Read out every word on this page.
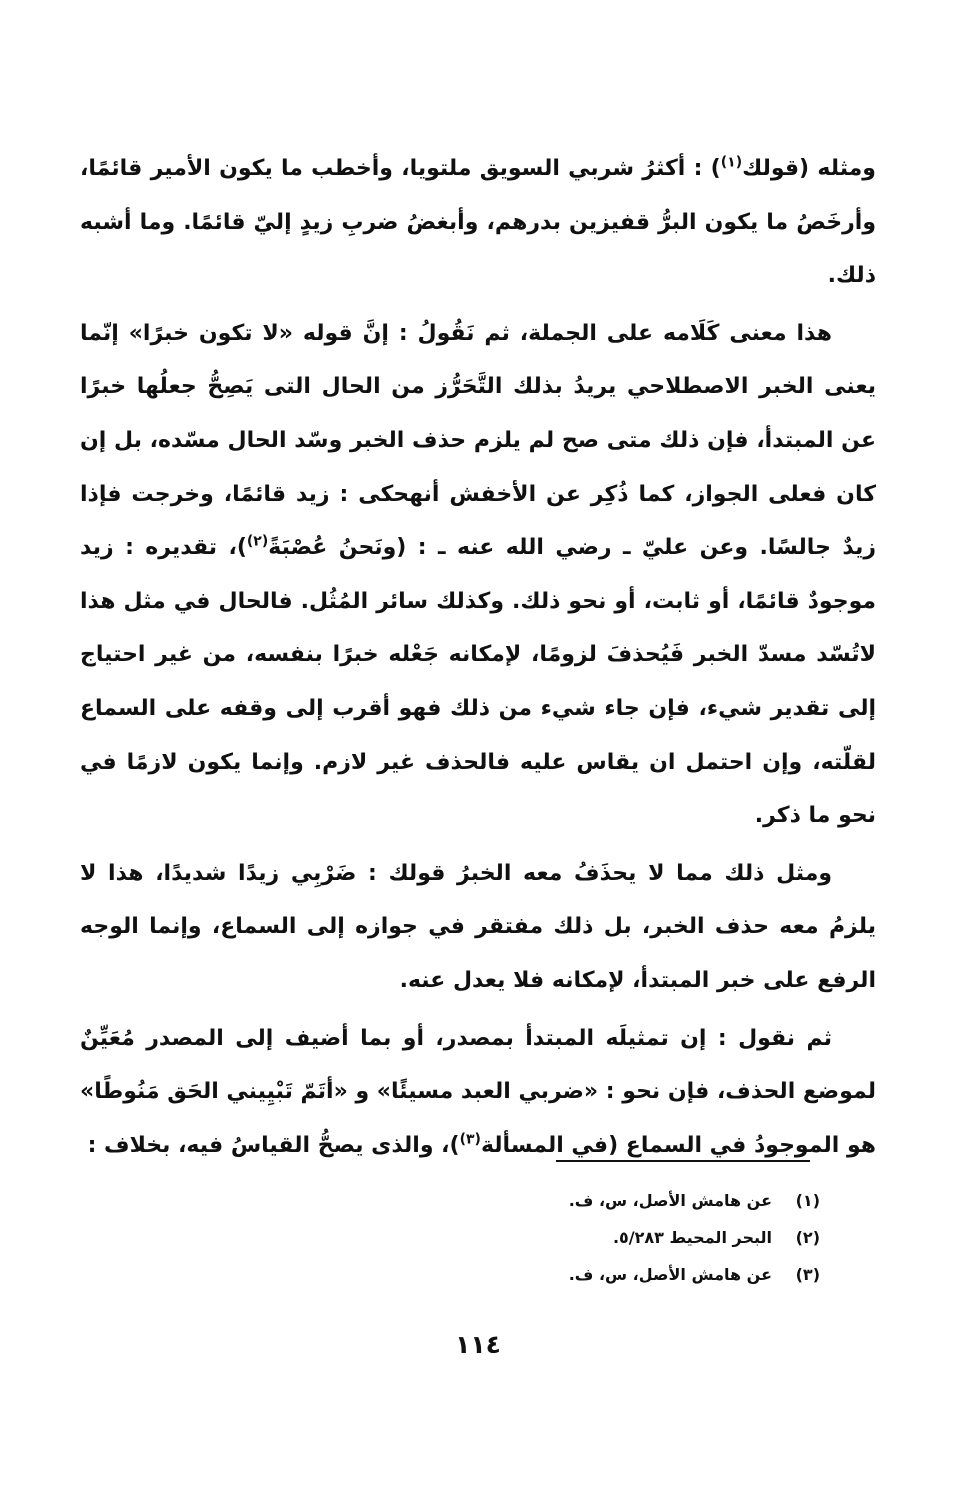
ومثله (قولك$^{(١)}$) : أكثرُ شربي السويق ملتويا، وأخطب ما يكون الأمير قائمًا، وأرخَصُ ما يكون البرُّ قفيزين بدرهم، وأبغضُ ضربِ زيدٍ إليّ قائمًا. وما أشبه ذلك.

هذا معنى كَلَامه على الجملة، ثم نَقُولُ : إنَّ قوله «لا تكون خبرًا» إنّما يعنى الخبر الاصطلاحي يريدُ بذلك التَّحَرُّز من الحال التى يَصِحُّ جعلُها خبرًا عن المبتدأ، فإن ذلك متى صح لم يلزم حذف الخبر وسّد الحال مسّده، بل إن كان فعلى الجواز، كما ذُكِر عن الأخفش أنهحكى : زيد قائمًا، وخرجت فإذا زيدٌ جالسًا. وعن عليّ ـ رضي الله عنه ـ : (ونَحنُ عُصْبَةً$^{(٢)}$)، تقديره : زيد موجودٌ قائمًا، أو ثابت، أو نحو ذلك. وكذلك سائر المُثُل. فالحال في مثل هذا لاتُسّد مسدّ الخبر فَيُحذفَ لزومًا، لإمكانه جَعْله خبرًا بنفسه، من غير احتياج إلى تقدير شيء، فإن جاء شيء من ذلك فهو أقرب إلى وقفه على السماع لقلّته، وإن احتمل ان يقاس عليه فالحذف غير لازم. وإنما يكون لازمًا في نحو ما ذكر.

ومثل ذلك مما لا يحذَفُ معه الخبرُ قولك : ضَرْبِي زيدًا شديدًا، هذا لا يلزمُ معه حذف الخبر، بل ذلك مفتقر في جوازه إلى السماع، وإنما الوجه الرفع على خبر المبتدأ، لإمكانه فلا يعدل عنه.

ثم نقول : إن تمثيلَه المبتدأ بمصدر، أو بما أضيف إلى المصدر مُعَيِّنٌ لموضع الحذف، فإن نحو : «ضربي العبد مسيئًا» و «أتَمّ تَبْيِيني الحَق مَنُوطًا» هو الموجودُ في السماع (في المسألة$^{(٣)}$)، والذى يصحُّ القياسُ فيه، بخلاف :

(١)
عن هامش الأصل، س، ف.
(٢)
البحر المحيط ٥/٢٨٣.
(٣)
عن هامش الأصل، س، ف.
١١٤
